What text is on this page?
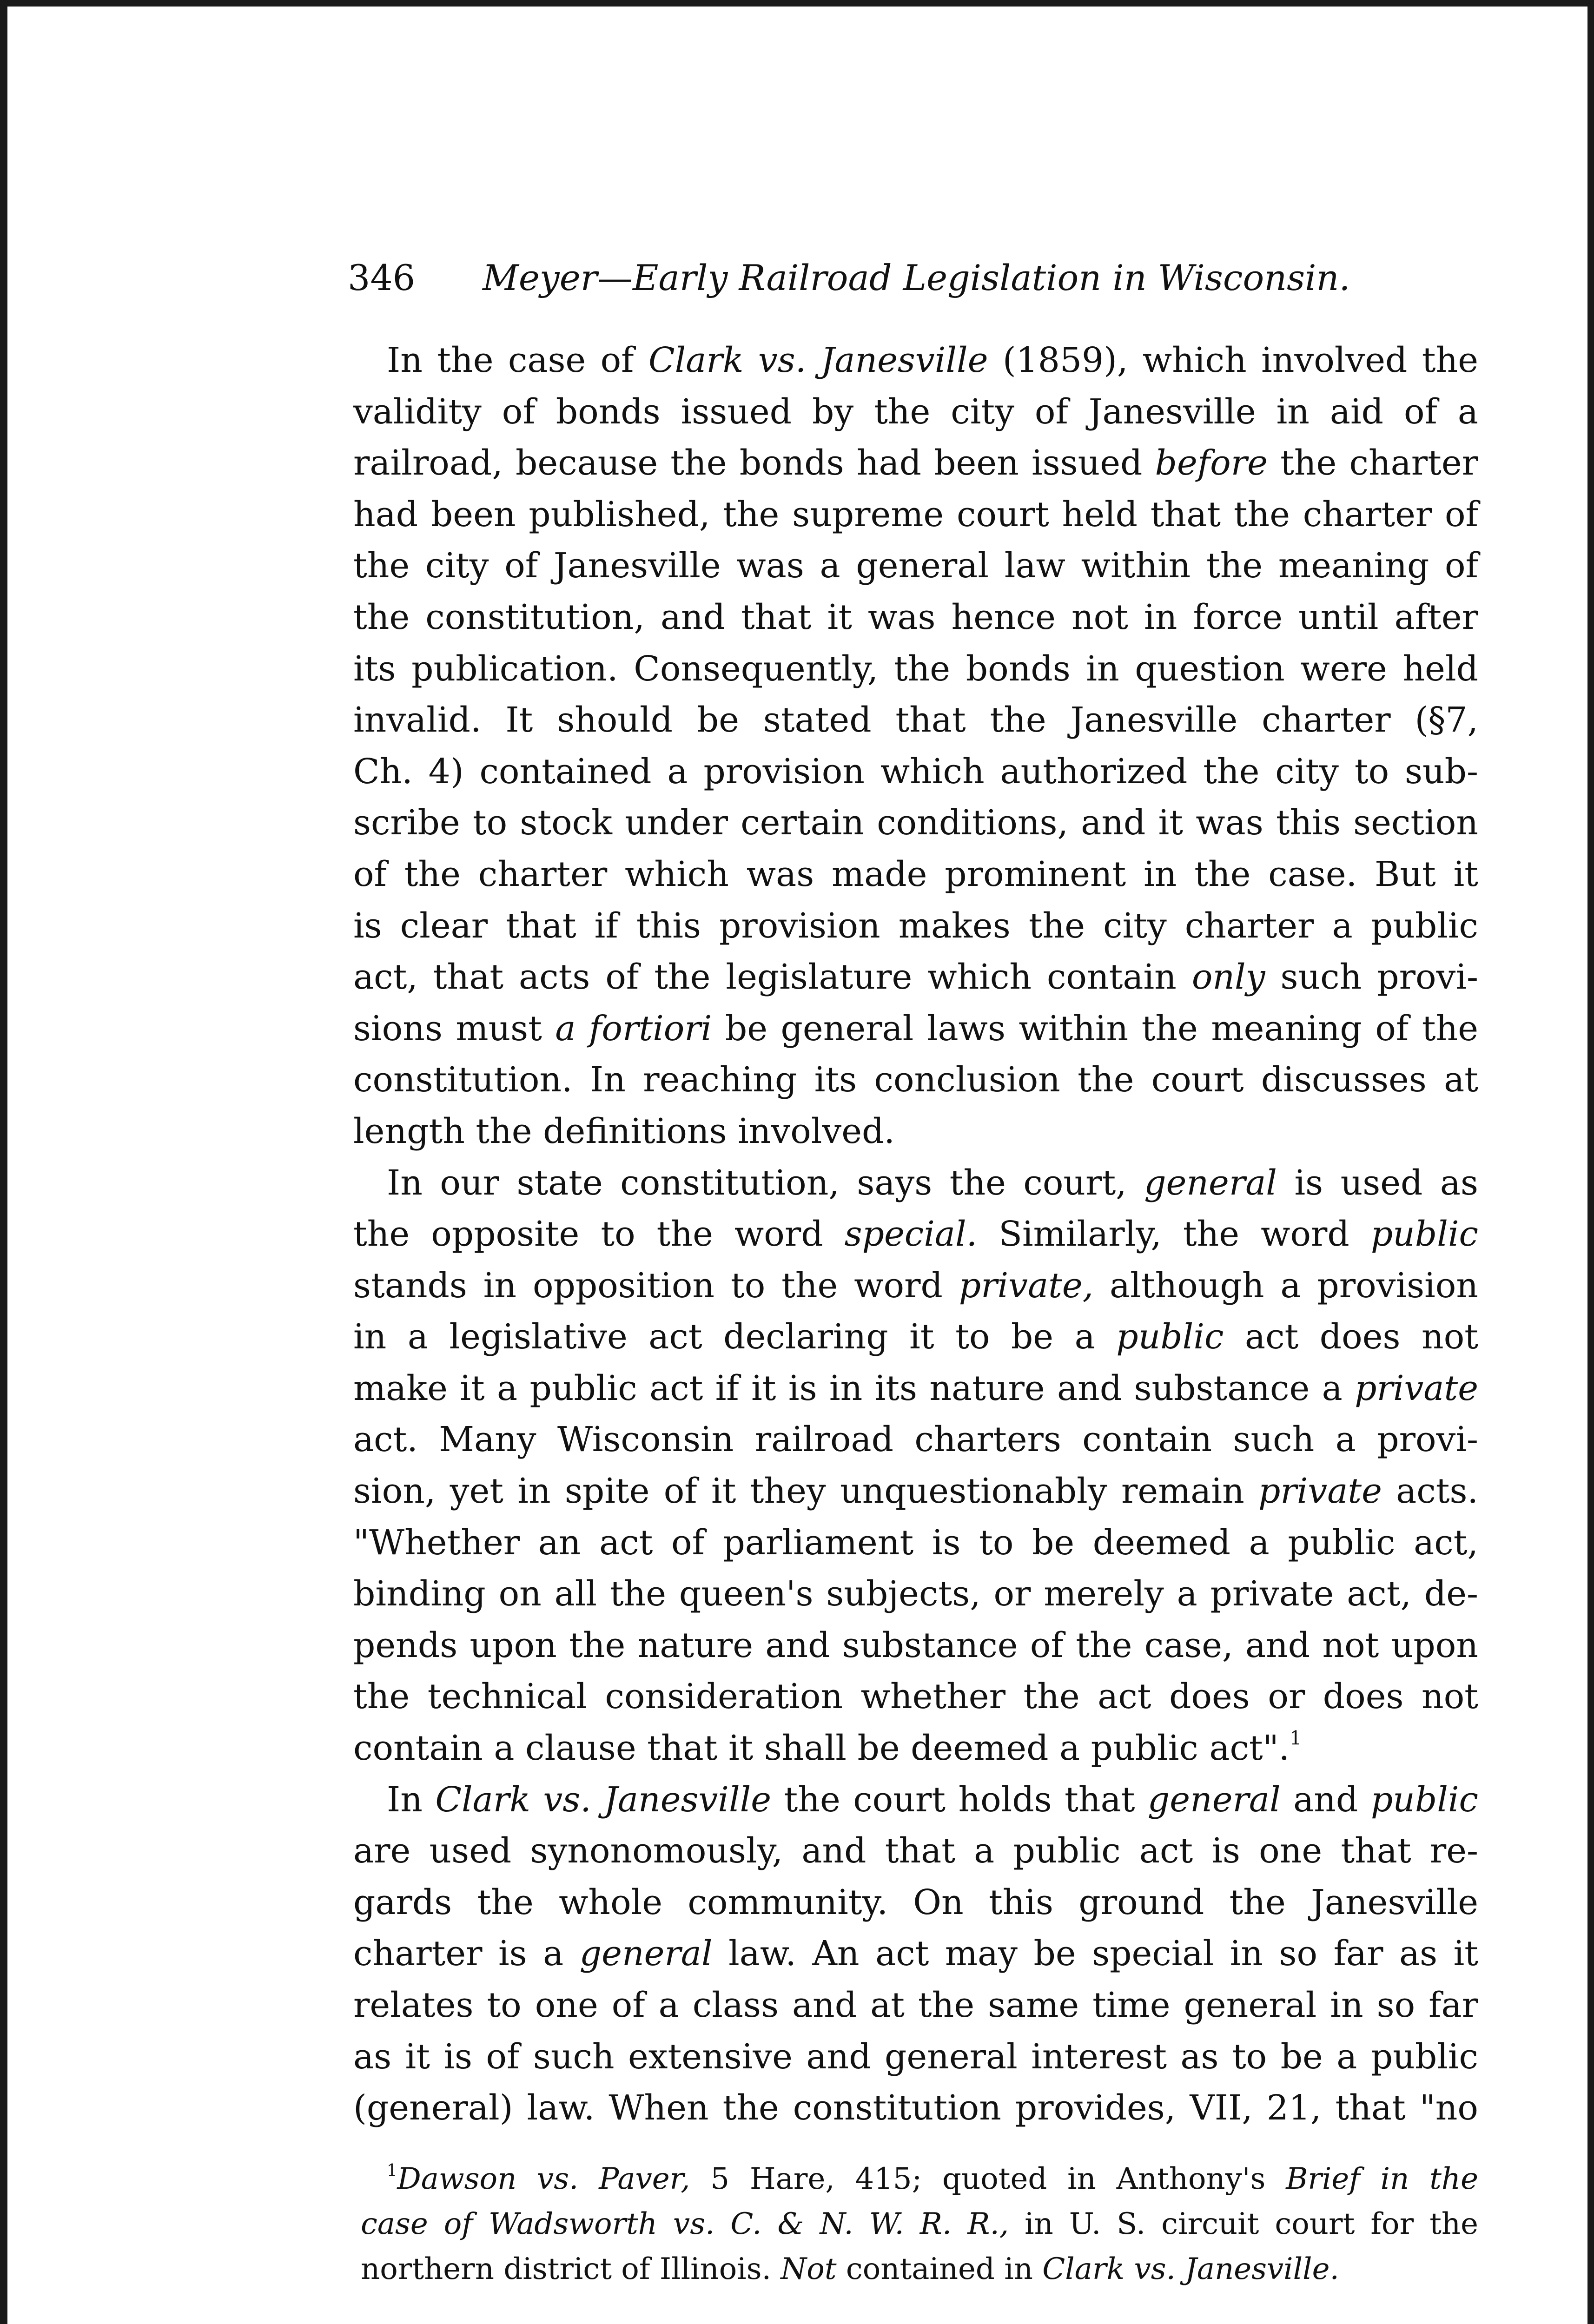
346 Meyer—Early Railroad Legislation in Wisconsin.
In the case of Clark vs. Janesville (1859), which involved the
validity of bonds issued by the city of Janesville in aid of a
railroad, because the bonds had been issued before the charter
had been published, the supreme court held that the charter of
the city of Janesville was a general law within the meaning of
the constitution, and that it was hence not in force until after
its publication. Consequently, the bonds in question were held
invalid. It should be stated that the Janesville charter (§7,
Ch. 4) contained a provision which authorized the city to sub-
scribe to stock under certain conditions, and it was this section
of the charter which was made prominent in the case. But it
is clear that if this provision makes the city charter a public
act, that acts of the legislature which contain only such provi-
sions must a fortiori be general laws within the meaning of the
constitution. In reaching its conclusion the court discusses at
length the definitions involved.
In our state constitution, says the court, general is used as
the opposite to the word special. Similarly, the word public
stands in opposition to the word private, although a provision
in a legislative act declaring it to be a public act does not
make it a public act if it is in its nature and substance a private
act. Many Wisconsin railroad charters contain such a provi-
sion, yet in spite of it they unquestionably remain private acts.
"Whether an act of parliament is to be deemed a public act,
binding on all the queen's subjects, or merely a private act, de-
pends upon the nature and substance of the case, and not upon
the technical consideration whether the act does or does not
contain a clause that it shall be deemed a public act".$^1$
In Clark vs. Janesville the court holds that general and public
are used synonomously, and that a public act is one that re-
gards the whole community. On this ground the Janesville
charter is a general law. An act may be special in so far as it
relates to one of a class and at the same time general in so far
as it is of such extensive and general interest as to be a public
(general) law. When the constitution provides, VII, 21, that "no
$^1$Dawson vs. Paver, 5 Hare, 415; quoted in Anthony's Brief in the
case of Wadsworth vs. C. & N. W. R. R., in U. S. circuit court for the
northern district of Illinois. Not contained in Clark vs. Janesville.
